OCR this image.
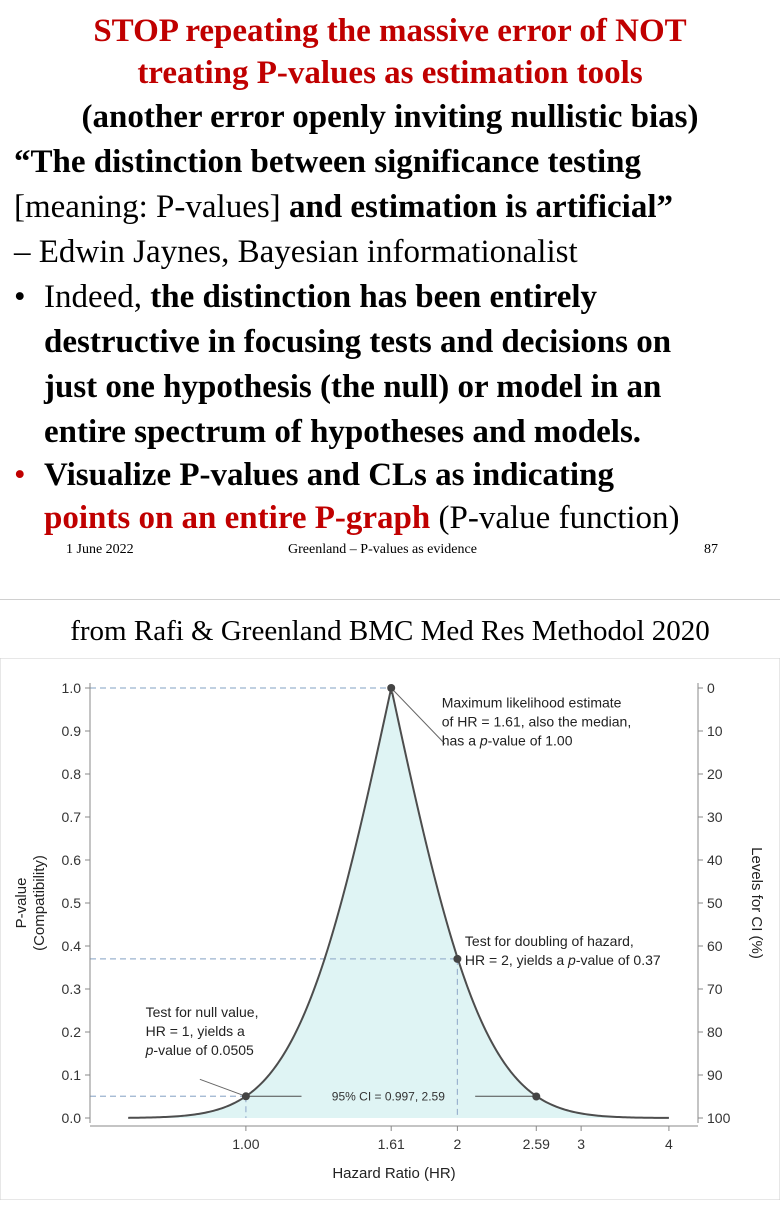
STOP repeating the massive error of NOT
treating P-values as estimation tools
(another error openly inviting nullistic bias)
“The distinction between significance testing
[meaning: P-values] and estimation is artificial”
– Edwin Jaynes, Bayesian informationalist
• Indeed, the distinction has been entirely
destructive in focusing tests and decisions on
just one hypothesis (the null) or model in an
entire spectrum of hypotheses and models.
• Visualize P-values and CLs as indicating
points on an entire P-graph (P-value function)
1 June 2022	Greenland – P-values as evidence	87
from Rafi & Greenland BMC Med Res Methodol 2020
95% CI = 0.997, 2.59
0.0
0
0.1
10
0.2
20
0.3
30
0.4
40
0.5	50
0.6
60
0.7
70
0.8
80
0.9
90
1.0
100
1.00	1.61	2	2.59 3	4
Hazard Ratio (HR)
P-value (Compatibility)	Levels for CI (%)
Maximum likelihood estimate
of HR = 1.61, also the median,
has a p-value of 1.00
Test for doubling of hazard,
HR = 2, yields a p-value of 0.37
Test for null value,
HR = 1, yields a
p-value of 0.0505
